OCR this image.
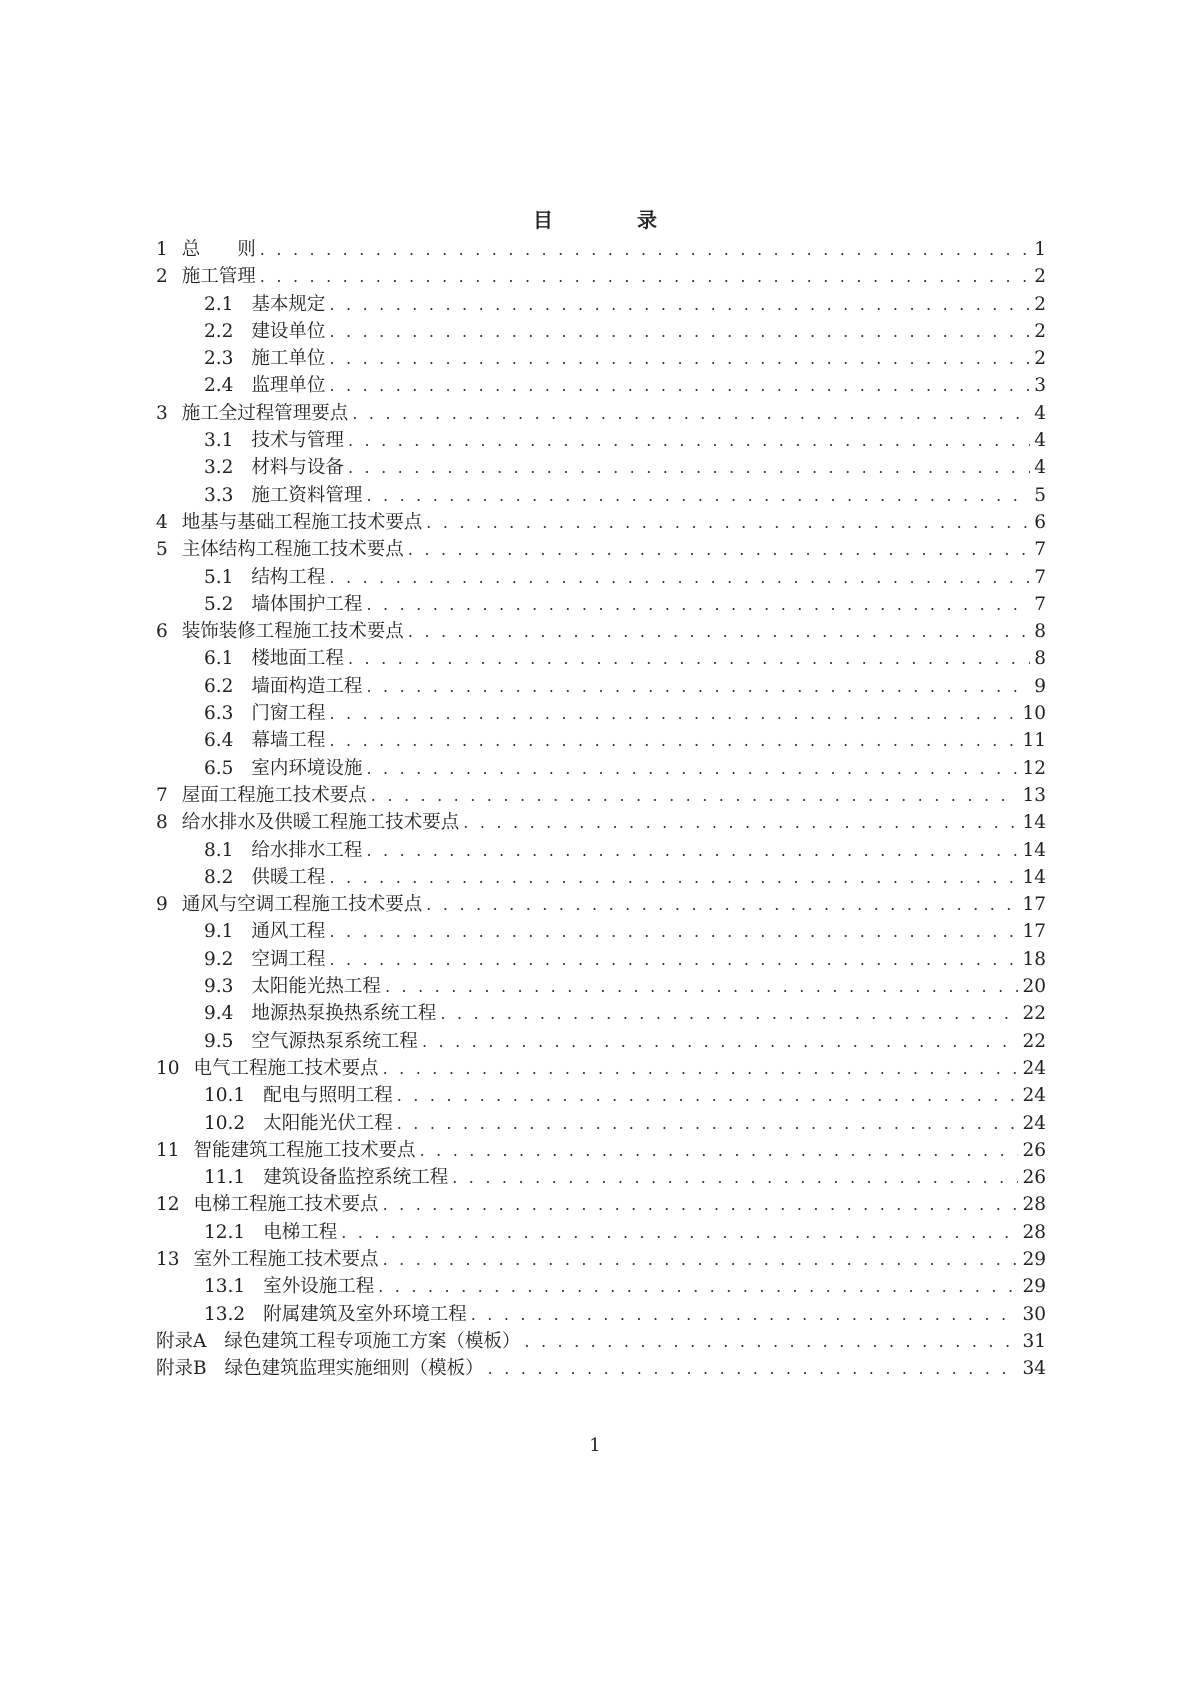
目　录
1 总　　则 . . .	1
2 施工管理 . . .	2
2.1 基本规定 . . .	2
2.2 建设单位 . . .	2
2.3 施工单位 . . .	2
2.4 监理单位 . . .	3
3 施工全过程管理要点 . . .	4
3.1 技术与管理 . . .	4
3.2 材料与设备 . . .	4
3.3 施工资料管理 . . .	5
4 地基与基础工程施工技术要点 . . .	6
5 主体结构工程施工技术要点 . . .	7
5.1 结构工程 . . .	7
5.2 墙体围护工程 . . .	7
6 装饰装修工程施工技术要点 . . .	8
6.1 楼地面工程 . . .	8
6.2 墙面构造工程 . . .	9
6.3 门窗工程 . . .	10
6.4 幕墙工程 . . .	11
6.5 室内环境设施 . . .	12
7 屋面工程施工技术要点 . . .	13
8 给水排水及供暖工程施工技术要点 . . .	14
8.1 给水排水工程 . . .	14
8.2 供暖工程 . . .	14
9 通风与空调工程施工技术要点 . . .	17
9.1 通风工程 . . .	17
9.2 空调工程 . . .	18
9.3 太阳能光热工程 . . .	20
9.4 地源热泵换热系统工程 . . .	22
9.5 空气源热泵系统工程 . . .	22
10 电气工程施工技术要点 . . .	24
10.1 配电与照明工程 . . .	24
10.2 太阳能光伏工程 . . .	24
11 智能建筑工程施工技术要点 . . .	26
11.1 建筑设备监控系统工程 . . .	26
12 电梯工程施工技术要点 . . .	28
12.1 电梯工程 . . .	28
13 室外工程施工技术要点 . . .	29
13.1 室外设施工程 . . .	29
13.2 附属建筑及室外环境工程 . . .	30
附录A 绿色建筑工程专项施工方案（模板） . . .	31
附录B 绿色建筑监理实施细则（模板） . . .	34
1
